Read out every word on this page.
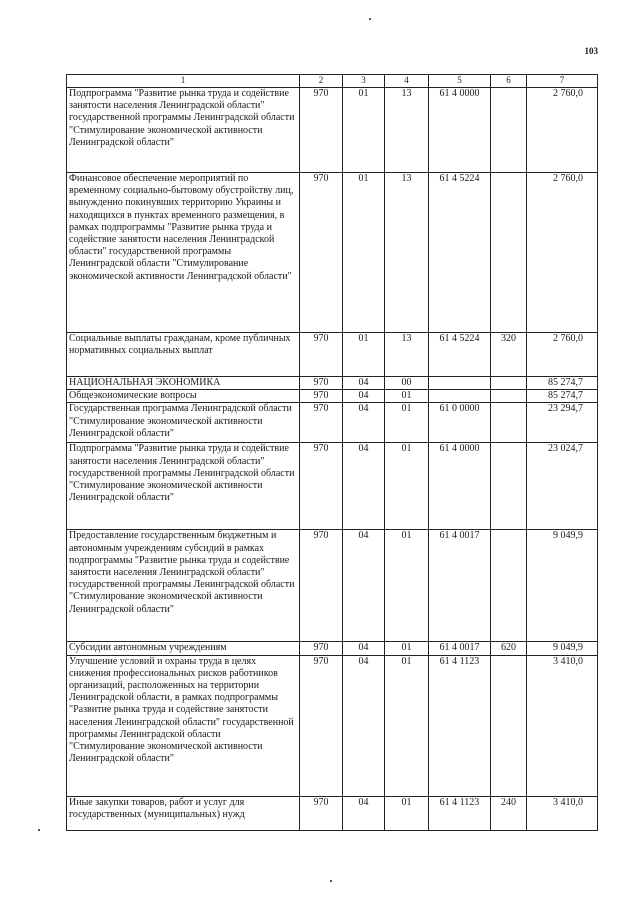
103
1	2	3	4	5	6	7
Подпрограмма "Развитие рынка труда и содействие занятости населения Ленинградской области" государственной программы Ленинградской области "Стимулирование экономической активности Ленинградской области"	970	01	13	61 4 0000		2 760,0
Финансовое обеспечение мероприятий по временному социально-бытовому обустройству лиц, вынужденно покинувших территорию Украины и находящихся в пунктах временного размещения, в рамках подпрограммы "Развитие рынка труда и содействие занятости населения Ленинградской области" государственной программы Ленинградской области "Стимулирование экономической активности Ленинградской области"	970	01	13	61 4 5224		2 760,0
Социальные выплаты гражданам, кроме публичных нормативных социальных выплат	970	01	13	61 4 5224	320	2 760,0
НАЦИОНАЛЬНАЯ ЭКОНОМИКА	970	04	00			85 274,7
Общеэкономические вопросы	970	04	01			85 274,7
Государственная программа Ленинградской области "Стимулирование экономической активности Ленинградской области"	970	04	01	61 0 0000		23 294,7
Подпрограмма "Развитие рынка труда и содействие занятости населения Ленинградской области" государственной программы Ленинградской области "Стимулирование экономической активности Ленинградской области"	970	04	01	61 4 0000		23 024,7
Предоставление государственным бюджетным и автономным учреждениям субсидий в рамках подпрограммы "Развитие рынка труда и содействие занятости населения Ленинградской области" государственной программы Ленинградской области "Стимулирование экономической активности Ленинградской области"	970	04	01	61 4 0017		9 049,9
Субсидии автономным учреждениям	970	04	01	61 4 0017	620	9 049,9
Улучшение условий и охраны труда в целях снижения профессиональных рисков работников организаций, расположенных на территории Ленинградской области, в рамках подпрограммы "Развитие рынка труда и содействие занятости населения Ленинградской области" государственной программы Ленинградской области "Стимулирование экономической активности Ленинградской области"	970	04	01	61 4 1123		3 410,0
Иные закупки товаров, работ и услуг для государственных (муниципальных) нужд	970	04	01	61 4 1123	240	3 410,0
